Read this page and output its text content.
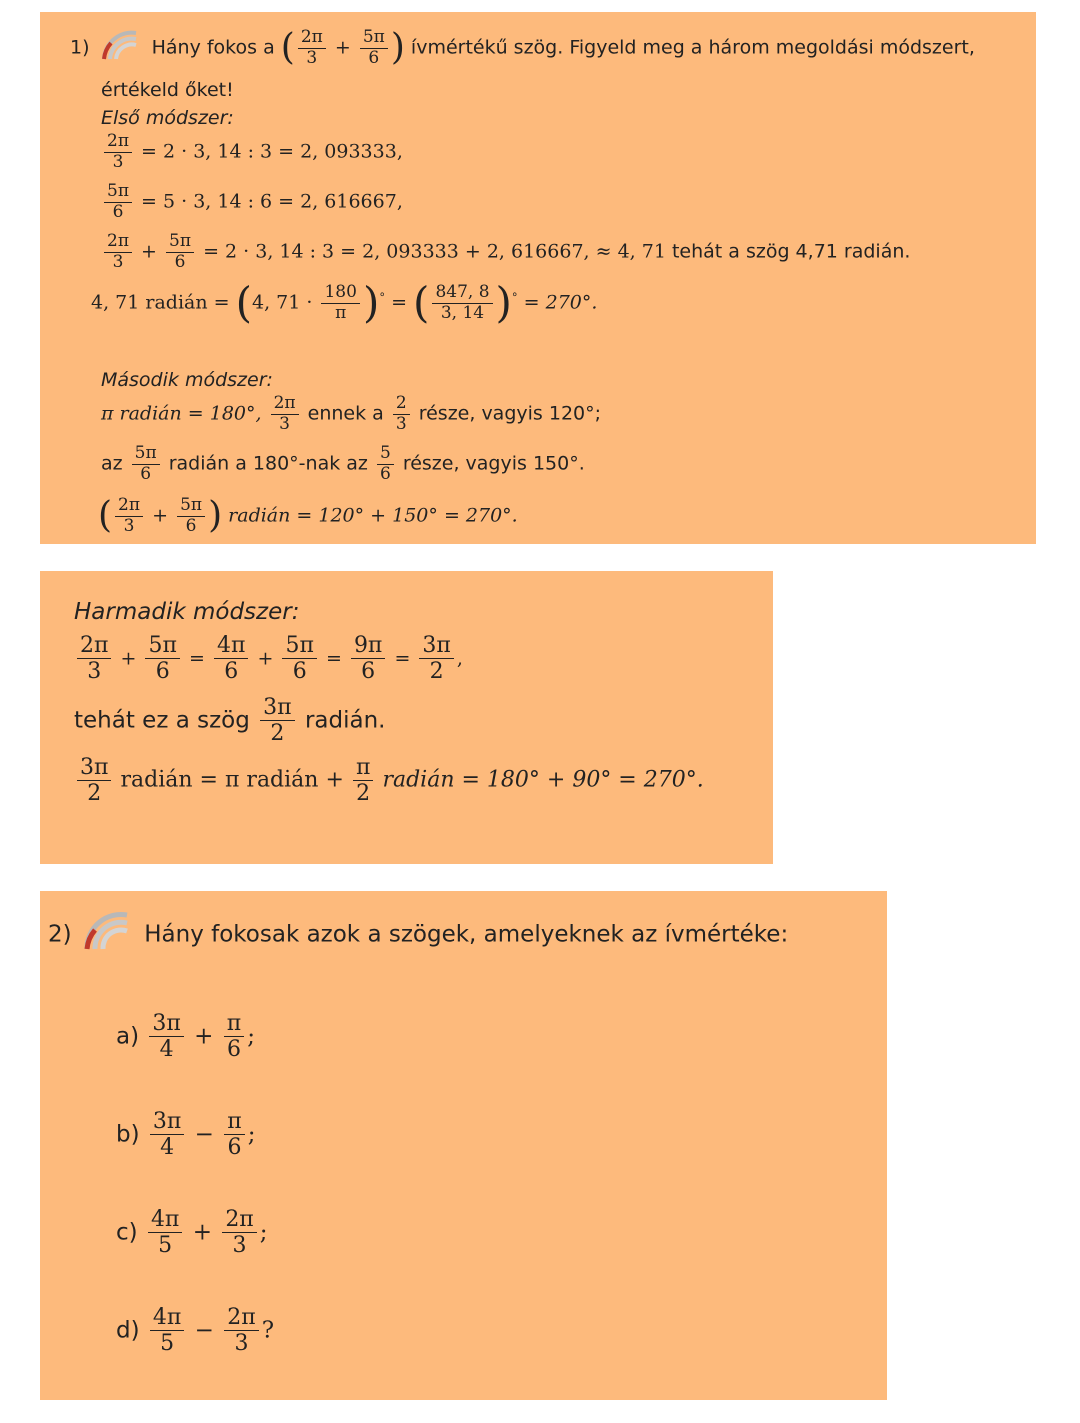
1)	Hány fokos a ( $\frac{2\pi}{3} + \frac{5\pi}{6}$ ) ívmértékű szög. Figyeld meg a három megoldási módszert,
értékeld őket!
Első módszer:
$\frac{2\pi}{3} = 2 \cdot 3$, 14 : 3 = 2, 093333,
$\frac{5\pi}{6} = 5 \cdot 3$, 14 : 6 = 2, 616667,
$\frac{2\pi}{3} + \frac{5\pi}{6} = 2 \cdot 3$, 14 : 3 = 2, 093333 + 2, 616667, ≈ 4, 71 tehát a szög 4,71 radián.
4, 71 radián = (4, $71 \cdot \frac{180}{\pi} )^\circ$ = ( $\frac{847, 8}{3, 14} )^\circ = 270^\circ$.
Második módszer:
π radián = 180°, $\frac{2\pi}{3}$ ennek a $\frac{2}{3}$ része, vagyis 120°;
az $\frac{5\pi}{6}$ radián a 180°-nak az $\frac{5}{6}$ része, vagyis 150°.
( $\frac{2\pi}{3} + \frac{5\pi}{6}$ ) radián = 120° + 150° = 270°.
Harmadik módszer:
$\frac{2\pi}{3} + \frac{5\pi}{6} = \frac{4\pi}{6} + \frac{5\pi}{6} = \frac{9\pi}{6} = \frac{3\pi}{2}$ ,
tehát ez a szög $\frac{3\pi}{2}$ radián.
$\frac{3\pi}{2}$ radián = π radián + $\frac{\pi}{2}$ radián = 180° + 90° = 270°.
2)	Hány fokosak azok a szögek, amelyeknek az ívmértéke:
$a) \frac{3\pi}{4} + \frac{\pi}{6}$ ;
$b) \frac{3\pi}{4} - \frac{\pi}{6}$ ;
$c) \frac{4\pi}{5} + \frac{2\pi}{3}$ ;
$d) \frac{4\pi}{5} - \frac{2\pi}{3}$ ?
